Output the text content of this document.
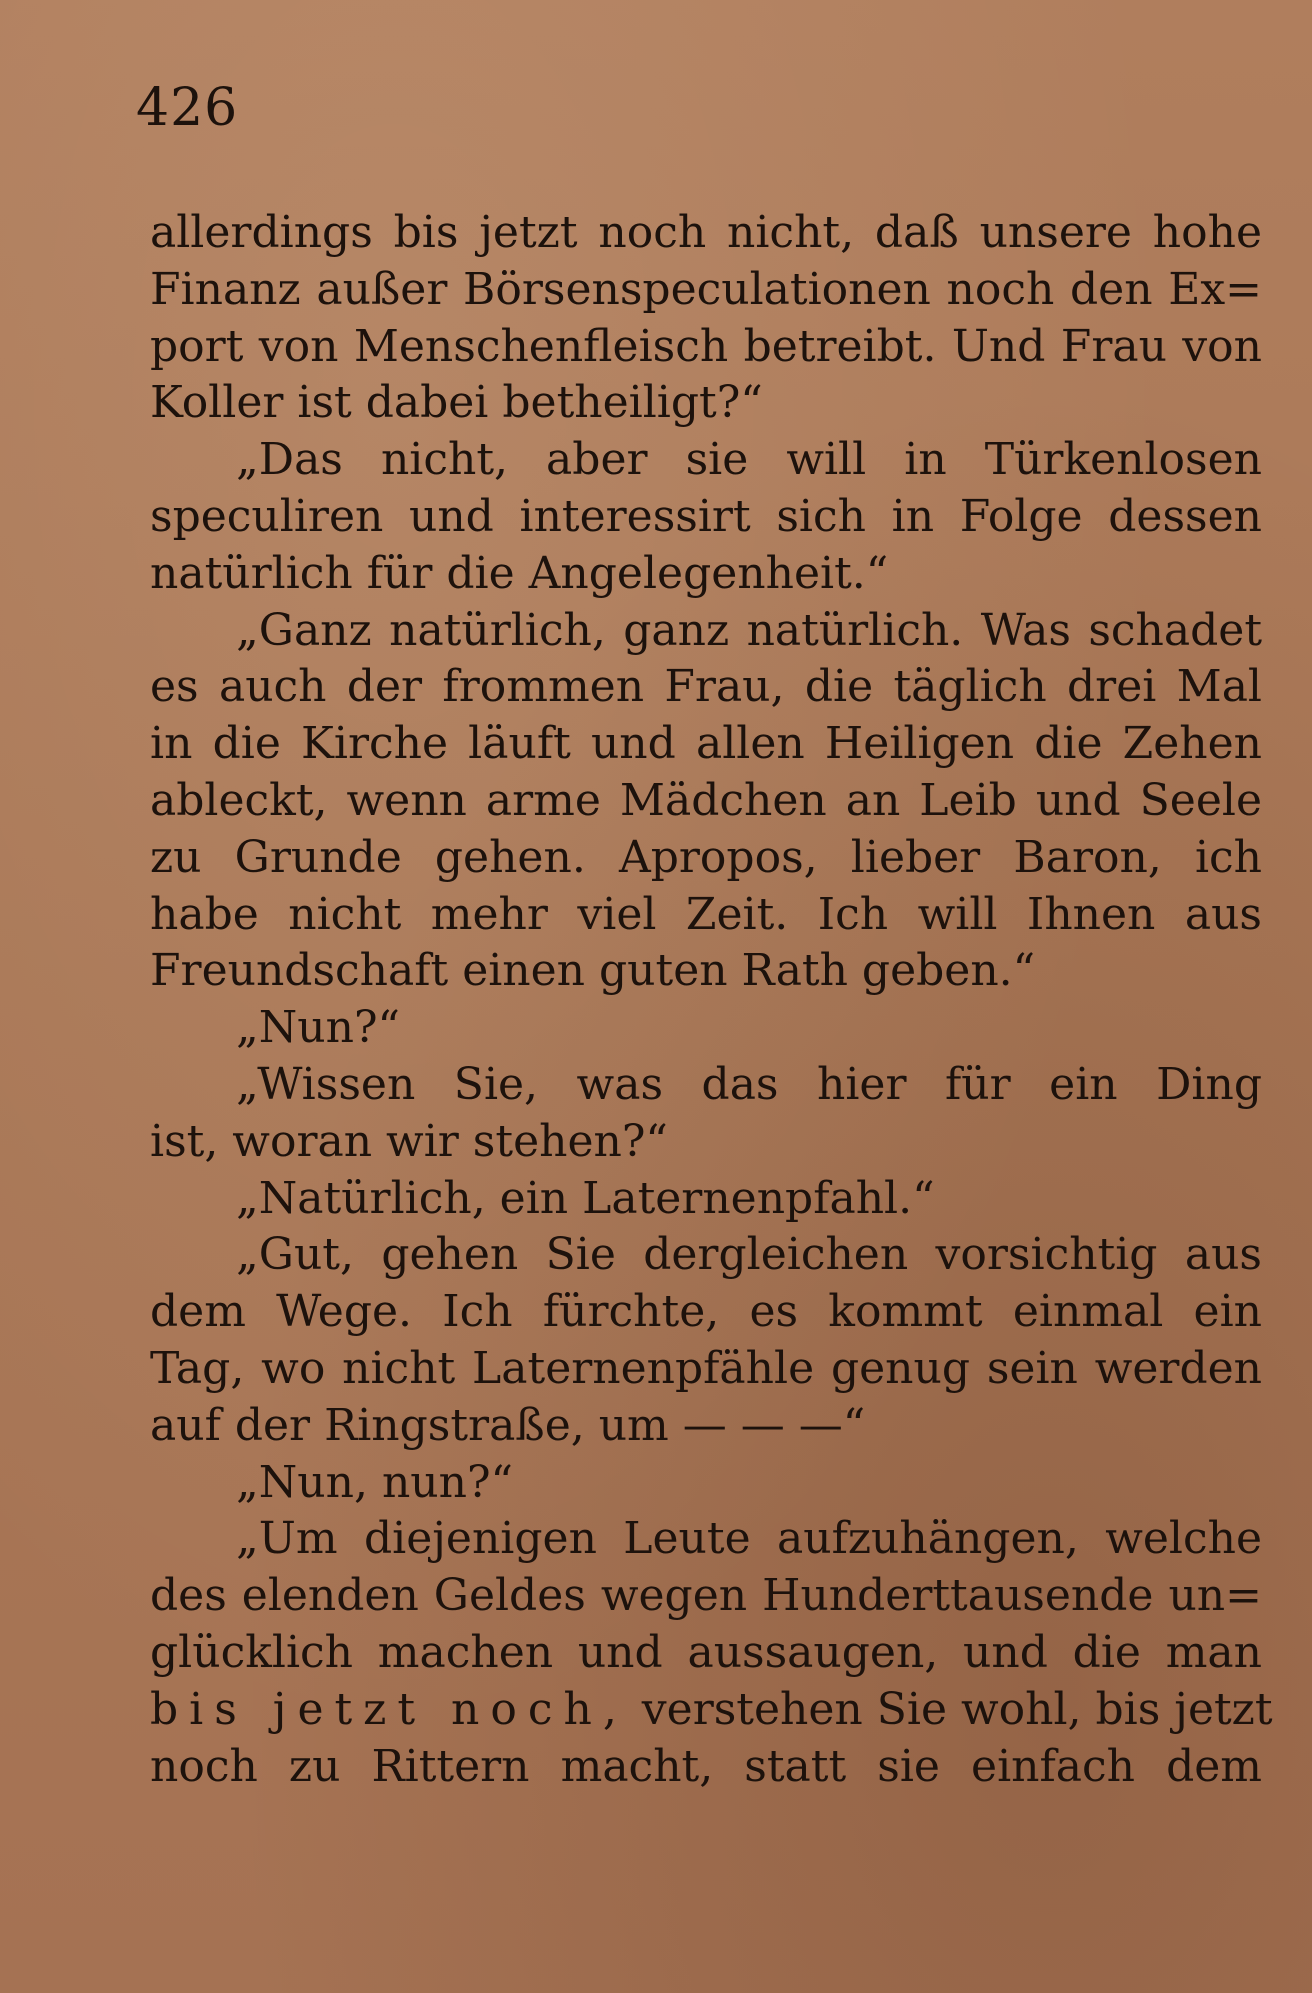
426
allerdings bis jetzt noch nicht, daß unsere hohe
Finanz außer Börsenspeculationen noch den Ex=
port von Menschenfleisch betreibt. Und Frau von
Koller ist dabei betheiligt?“
„Das nicht, aber sie will in Türkenlosen
speculiren und interessirt sich in Folge dessen
natürlich für die Angelegenheit.“
„Ganz natürlich, ganz natürlich. Was schadet
es auch der frommen Frau, die täglich drei Mal
in die Kirche läuft und allen Heiligen die Zehen
ableckt, wenn arme Mädchen an Leib und Seele
zu Grunde gehen. Apropos, lieber Baron, ich
habe nicht mehr viel Zeit. Ich will Ihnen aus
Freundschaft einen guten Rath geben.“
„Nun?“
„Wissen Sie, was das hier für ein Ding
ist, woran wir stehen?“
„Natürlich, ein Laternenpfahl.“
„Gut, gehen Sie dergleichen vorsichtig aus
dem Wege. Ich fürchte, es kommt einmal ein
Tag, wo nicht Laternenpfähle genug sein werden
auf der Ringstraße, um — — —“
„Nun, nun?“
„Um diejenigen Leute aufzuhängen, welche
des elenden Geldes wegen Hunderttausende un=
glücklich machen und aussaugen, und die man
bis jetzt noch, verstehen Sie wohl, bis jetzt
noch zu Rittern macht, statt sie einfach dem
